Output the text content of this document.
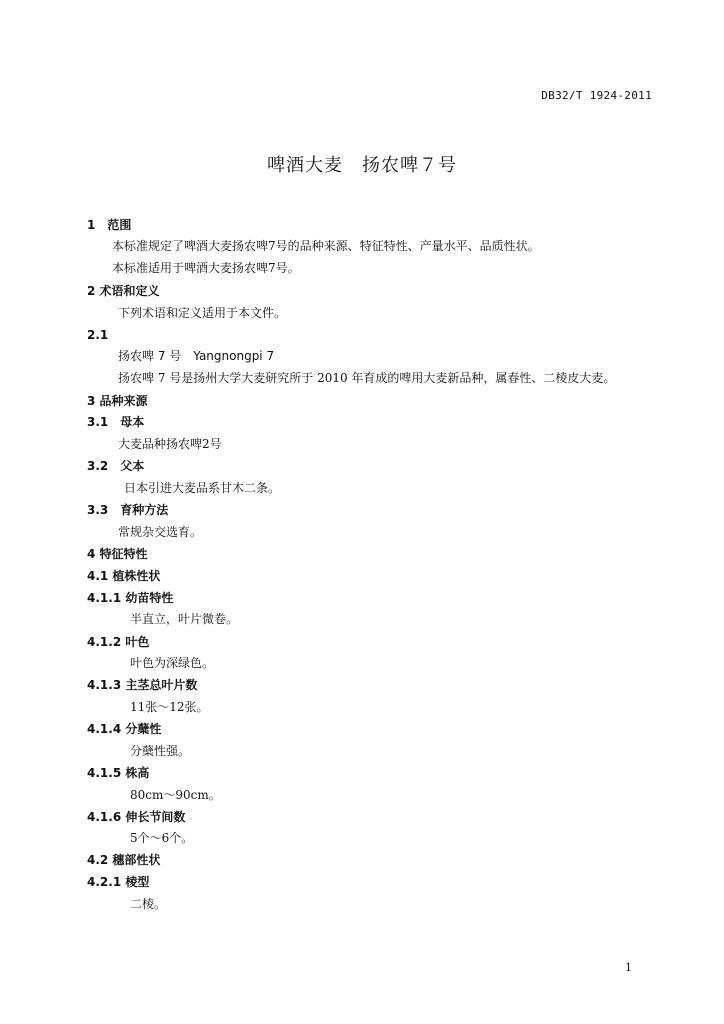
DB32/T 1924-2011
啤酒大麦　扬农啤７号
1　范围
本标准规定了啤酒大麦扬农啤7号的品种来源、特征特性、产量水平、品质性状。
本标准适用于啤酒大麦扬农啤7号。
2 术语和定义
下列术语和定义适用于本文件。
2.1
扬农啤 7 号　Yangnongpi 7
扬农啤 7 号是扬州大学大麦研究所于 2010 年育成的啤用大麦新品种，属春性、二棱皮大麦。
3 品种来源
3.1　母本
大麦品种扬农啤2号
3.2　父本
日本引进大麦品系甘木二条。
3.3　育种方法
常规杂交选育。
4 特征特性
4.1 植株性状
4.1.1 幼苗特性
半直立，叶片微卷。
4.1.2 叶色
叶色为深绿色。
4.1.3 主茎总叶片数
11张～12张。
4.1.4 分蘖性
分蘖性强。
4.1.5 株高
80cm～90cm。
4.1.6 伸长节间数
5个～6个。
4.2 穗部性状
4.2.1 棱型
二棱。
1
